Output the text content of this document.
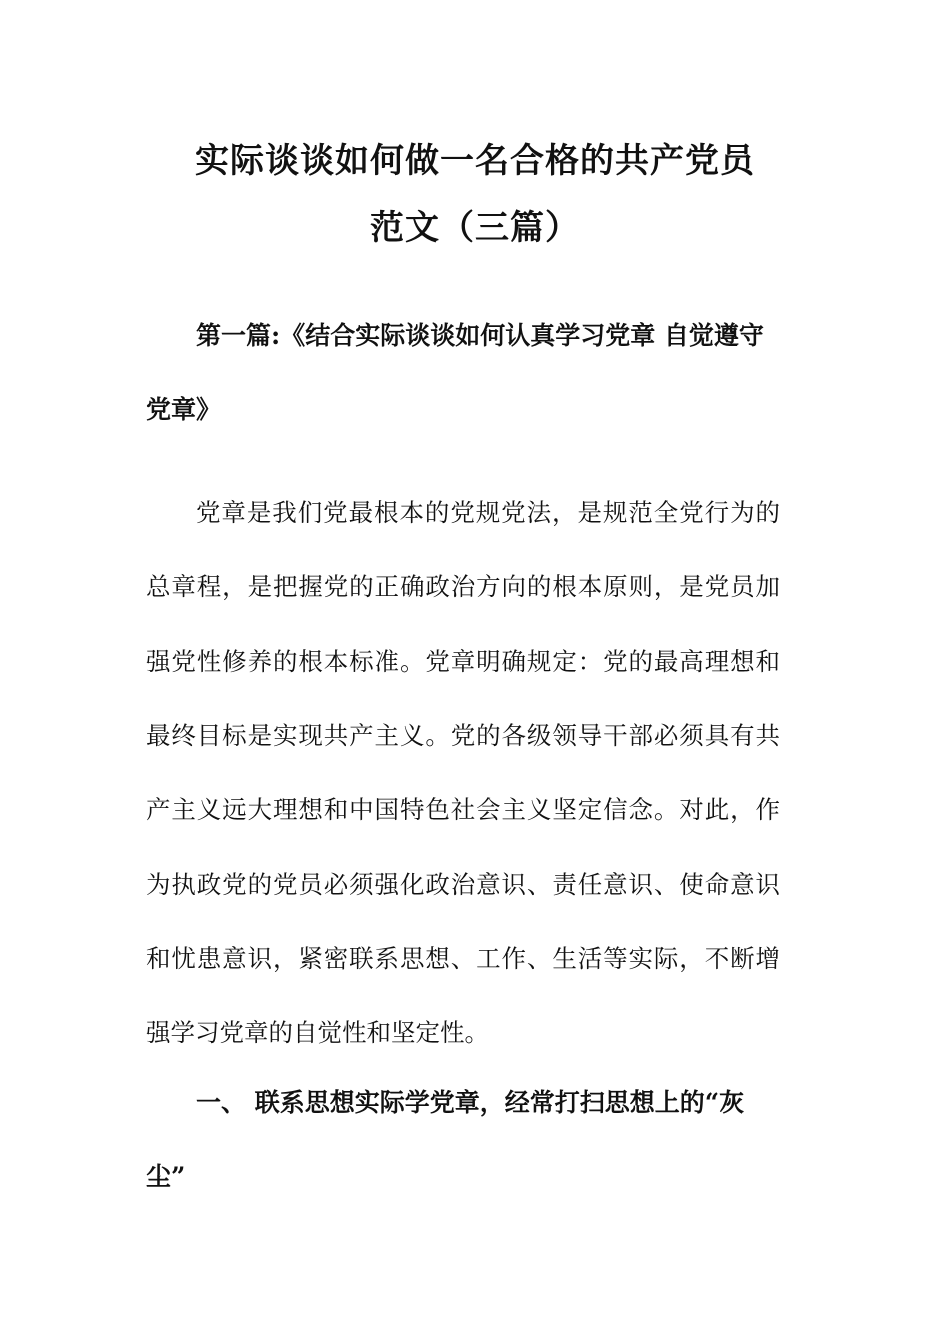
实际谈谈如何做一名合格的共产党员
范文（三篇）
第一篇:《结合实际谈谈如何认真学习党章 自觉遵守
党章》
党章是我们党最根本的党规党法，是规范全党行为的
总章程，是把握党的正确政治方向的根本原则，是党员加
强党性修养的根本标准。党章明确规定：党的最高理想和
最终目标是实现共产主义。党的各级领导干部必须具有共
产主义远大理想和中国特色社会主义坚定信念。对此，作
为执政党的党员必须强化政治意识、责任意识、使命意识
和忧患意识，紧密联系思想、工作、生活等实际，不断增
强学习党章的自觉性和坚定性。
一、 联系思想实际学党章，经常打扫思想上的“灰
尘”
